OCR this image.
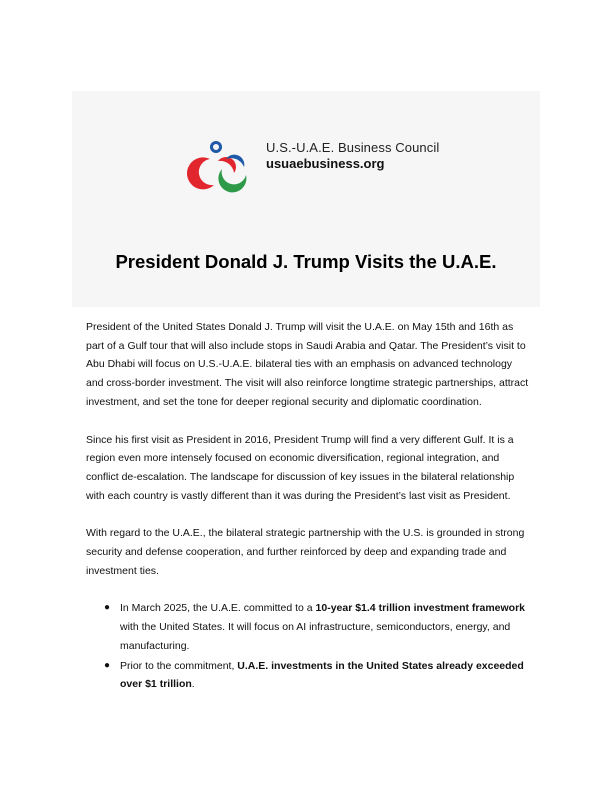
U.S.-U.A.E. Business Council
usuaebusiness.org
President Donald J. Trump Visits the U.A.E.

President of the United States Donald J. Trump will visit the U.A.E. on May 15th and 16th as part of a Gulf tour that will also include stops in Saudi Arabia and Qatar. The President’s visit to Abu Dhabi will focus on U.S.-U.A.E. bilateral ties with an emphasis on advanced technology and cross-border investment. The visit will also reinforce longtime strategic partnerships, attract investment, and set the tone for deeper regional security and diplomatic coordination.

Since his first visit as President in 2016, President Trump will find a very different Gulf. It is a region even more intensely focused on economic diversification, regional integration, and conflict de-escalation. The landscape for discussion of key issues in the bilateral relationship with each country is vastly different than it was during the President’s last visit as President.

With regard to the U.A.E., the bilateral strategic partnership with the U.S. is grounded in strong security and defense cooperation, and further reinforced by deep and expanding trade and investment ties.

● In March 2025, the U.A.E. committed to a 10-year $1.4 trillion investment framework with the United States. It will focus on AI infrastructure, semiconductors, energy, and manufacturing.
● Prior to the commitment, U.A.E. investments in the United States already exceeded over $1 trillion.
